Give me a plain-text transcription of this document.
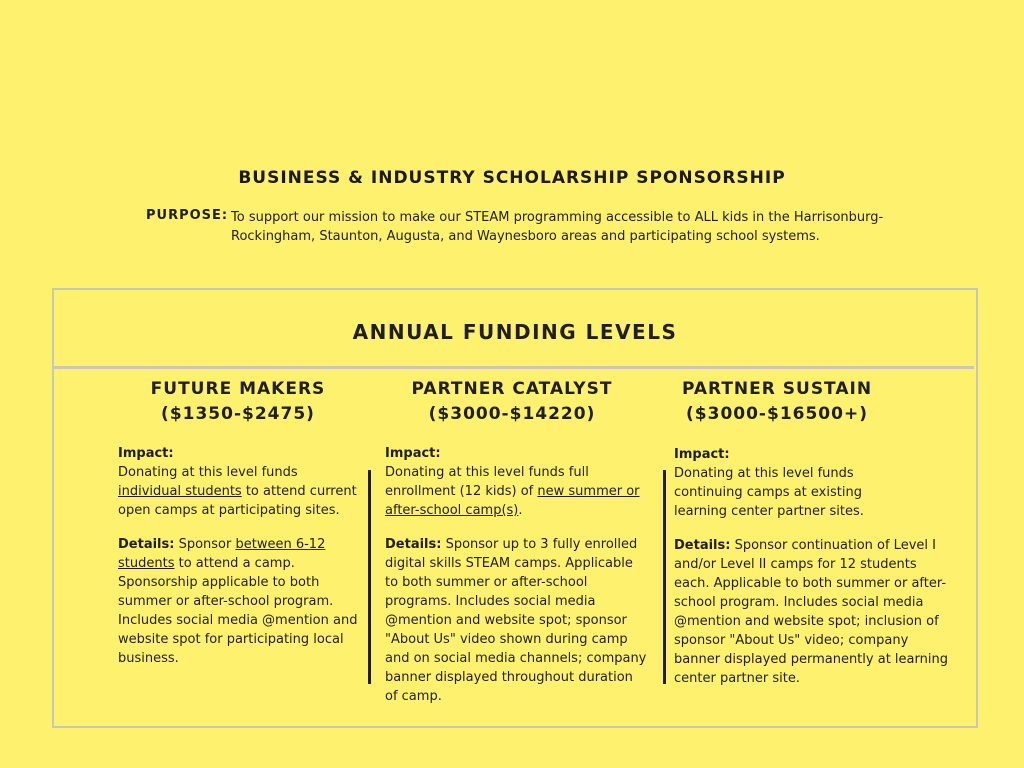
BUSINESS & INDUSTRY SCHOLARSHIP SPONSORSHIP
PURPOSE: To support our mission to make our STEAM programming accessible to ALL kids in the Harrisonburg-Rockingham, Staunton, Augusta, and Waynesboro areas and participating school systems.
ANNUAL FUNDING LEVELS
FUTURE MAKERS
($1350-$2475)

Impact:

Donating at this level funds individual students to attend current open camps at participating sites.

Details: Sponsor between 6-12 students to attend a camp. Sponsorship applicable to both summer or after-school program. Includes social media @mention and website spot for participating local business.

PARTNER CATALYST
($3000-$14220)

Impact:

Donating at this level funds full enrollment (12 kids) of new summer or after-school camp(s).

Details: Sponsor up to 3 fully enrolled digital skills STEAM camps. Applicable to both summer or after-school programs. Includes social media @mention and website spot; sponsor "About Us" video shown during camp and on social media channels; company banner displayed throughout duration of camp.

PARTNER SUSTAIN
($3000-$16500+)

Impact:

Donating at this level funds continuing camps at existing learning center partner sites.

Details: Sponsor continuation of Level I and/or Level II camps for 12 students each. Applicable to both summer or after-school program. Includes social media @mention and website spot; inclusion of sponsor "About Us" video; company banner displayed permanently at learning center partner site.
